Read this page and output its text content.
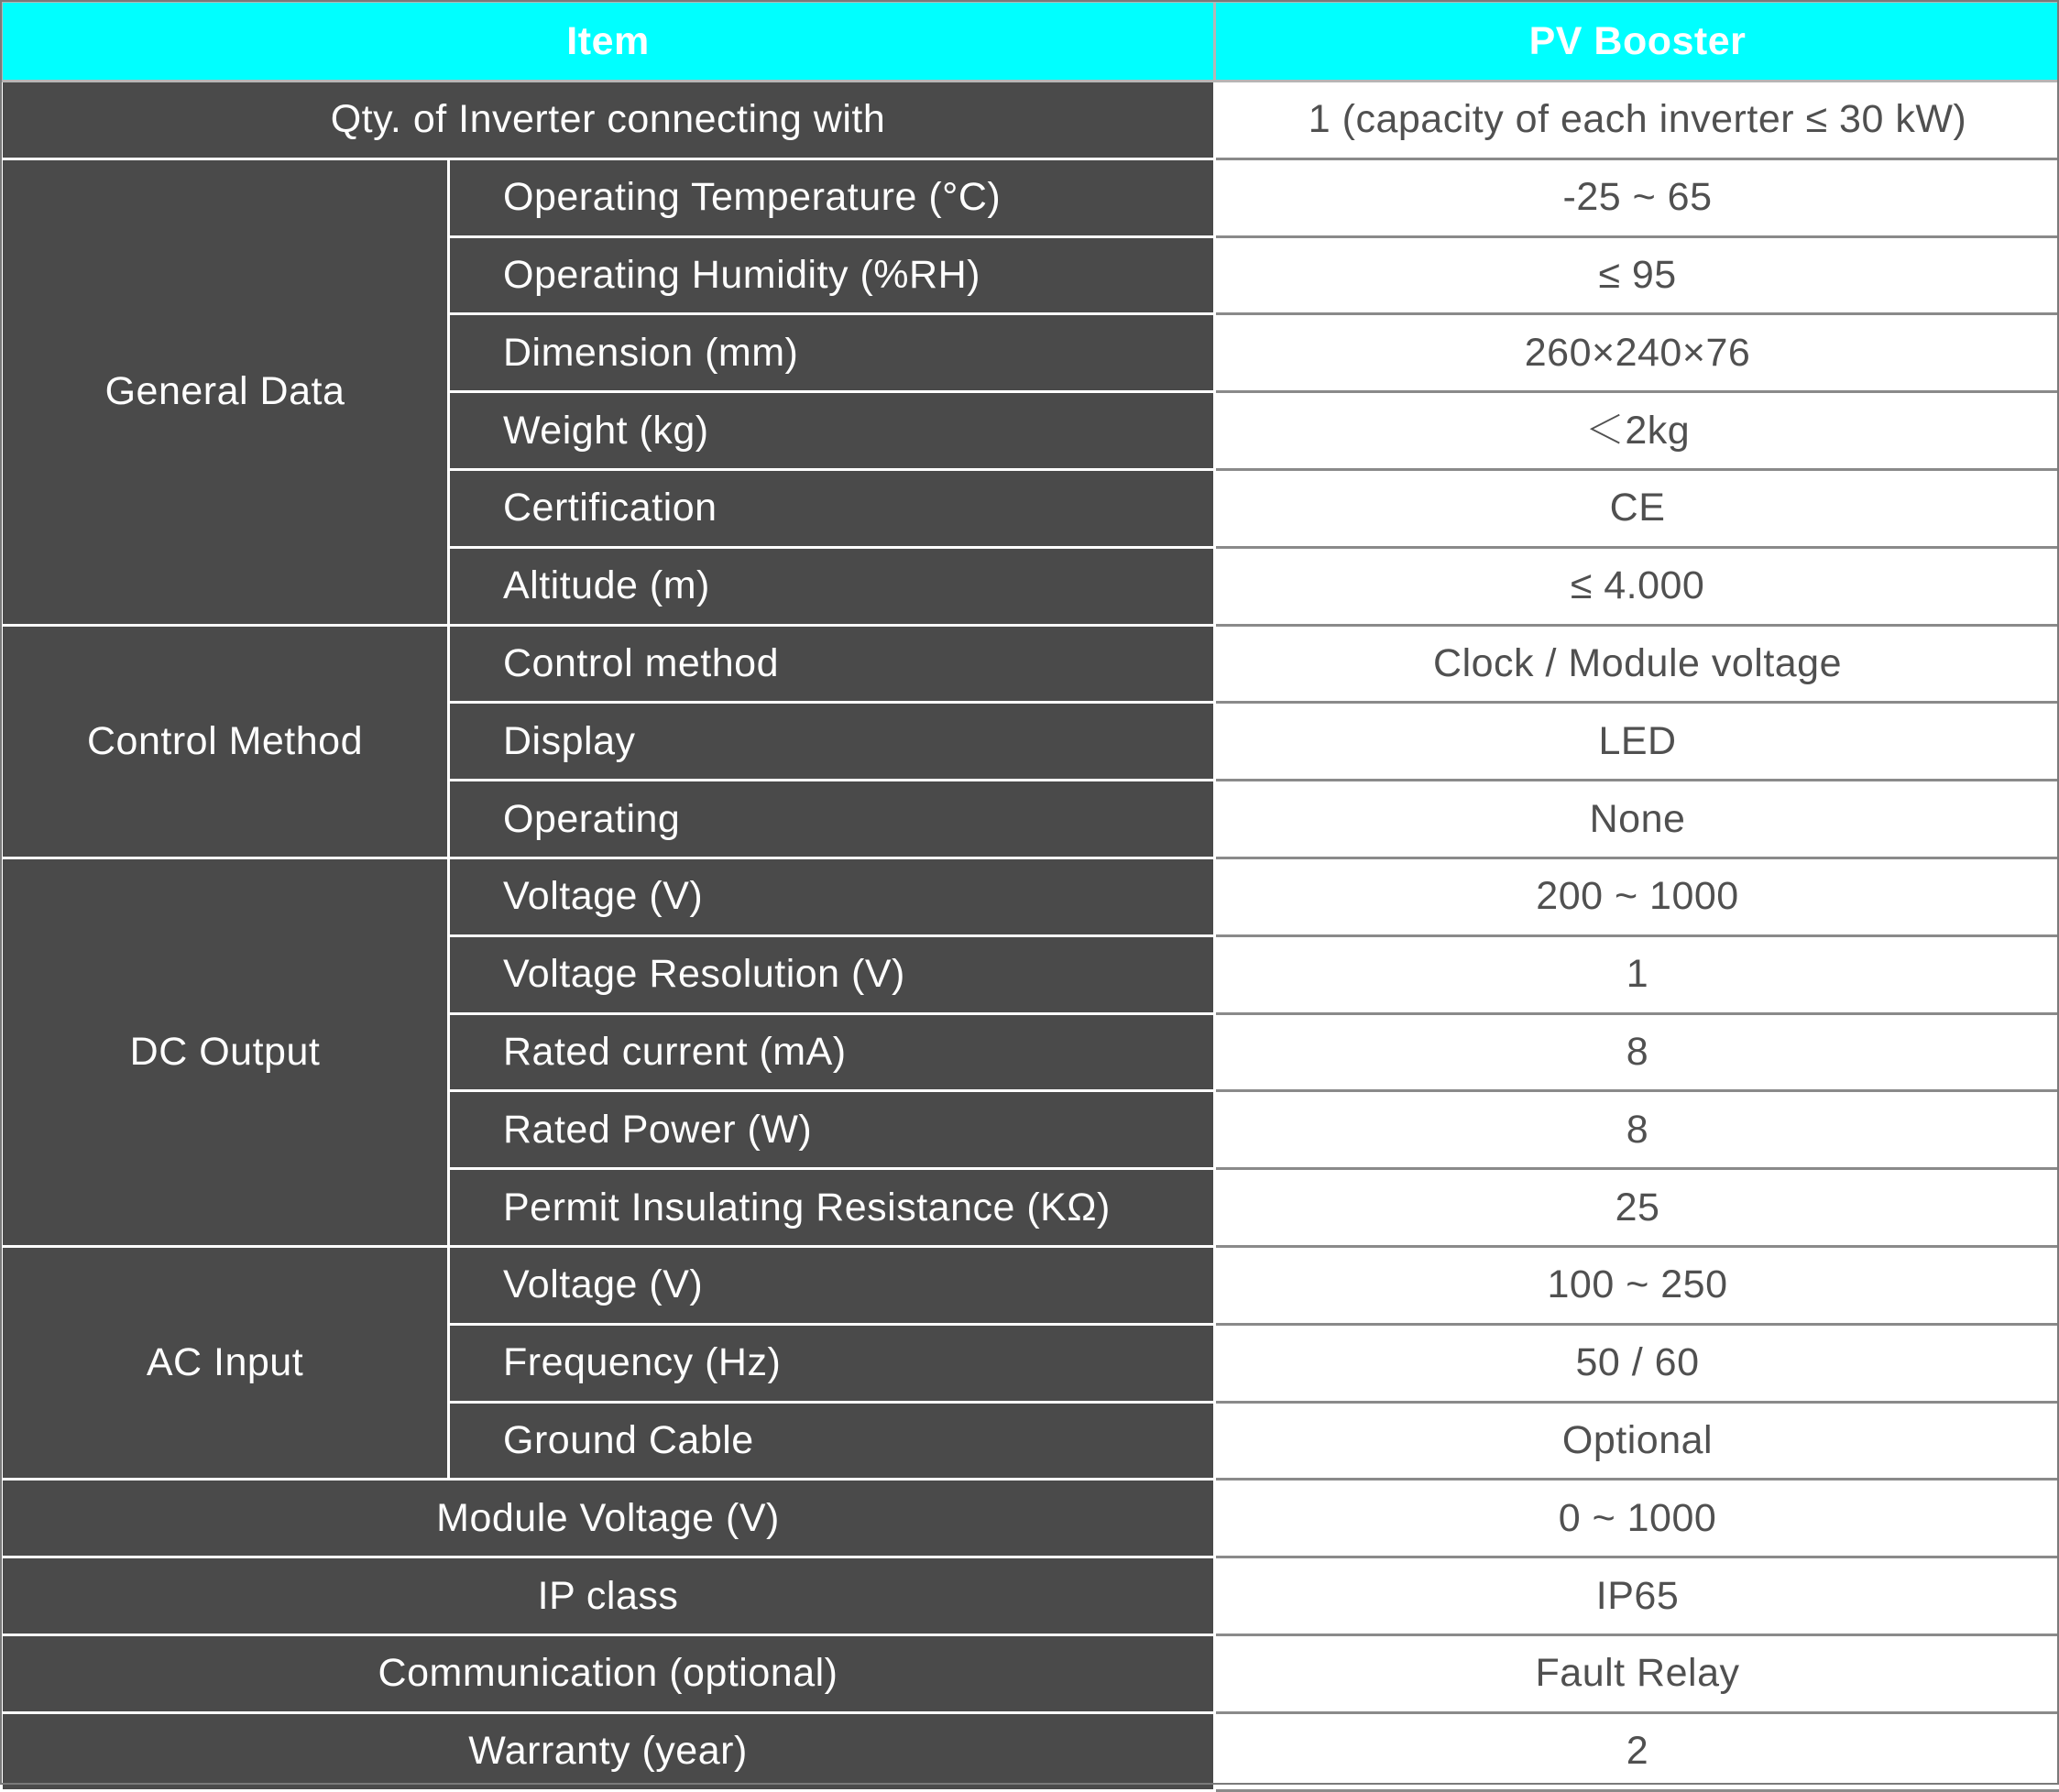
Item		PV Booster
Qty. of Inverter connecting with		1 (capacity of each inverter ≤ 30 kW)
General Data	Operating Temperature (°C)	-25 ~ 65
	Operating Humidity (%RH)	≤ 95
	Dimension (mm)	260×240×76
	Weight (kg)	＜2kg
	Certification	CE
	Altitude (m)	≤ 4.000
Control Method	Control method	Clock / Module voltage
	Display	LED
	Operating	None
DC Output	Voltage (V)	200 ~ 1000
	Voltage Resolution (V)	1
	Rated current (mA)	8
	Rated Power (W)	8
	Permit Insulating Resistance (KΩ)	25
AC Input	Voltage (V)	100 ~ 250
	Frequency (Hz)	50 / 60
	Ground Cable	Optional
Module Voltage (V)		0 ~ 1000
IP class		IP65
Communication (optional)		Fault Relay
Warranty (year)		2
